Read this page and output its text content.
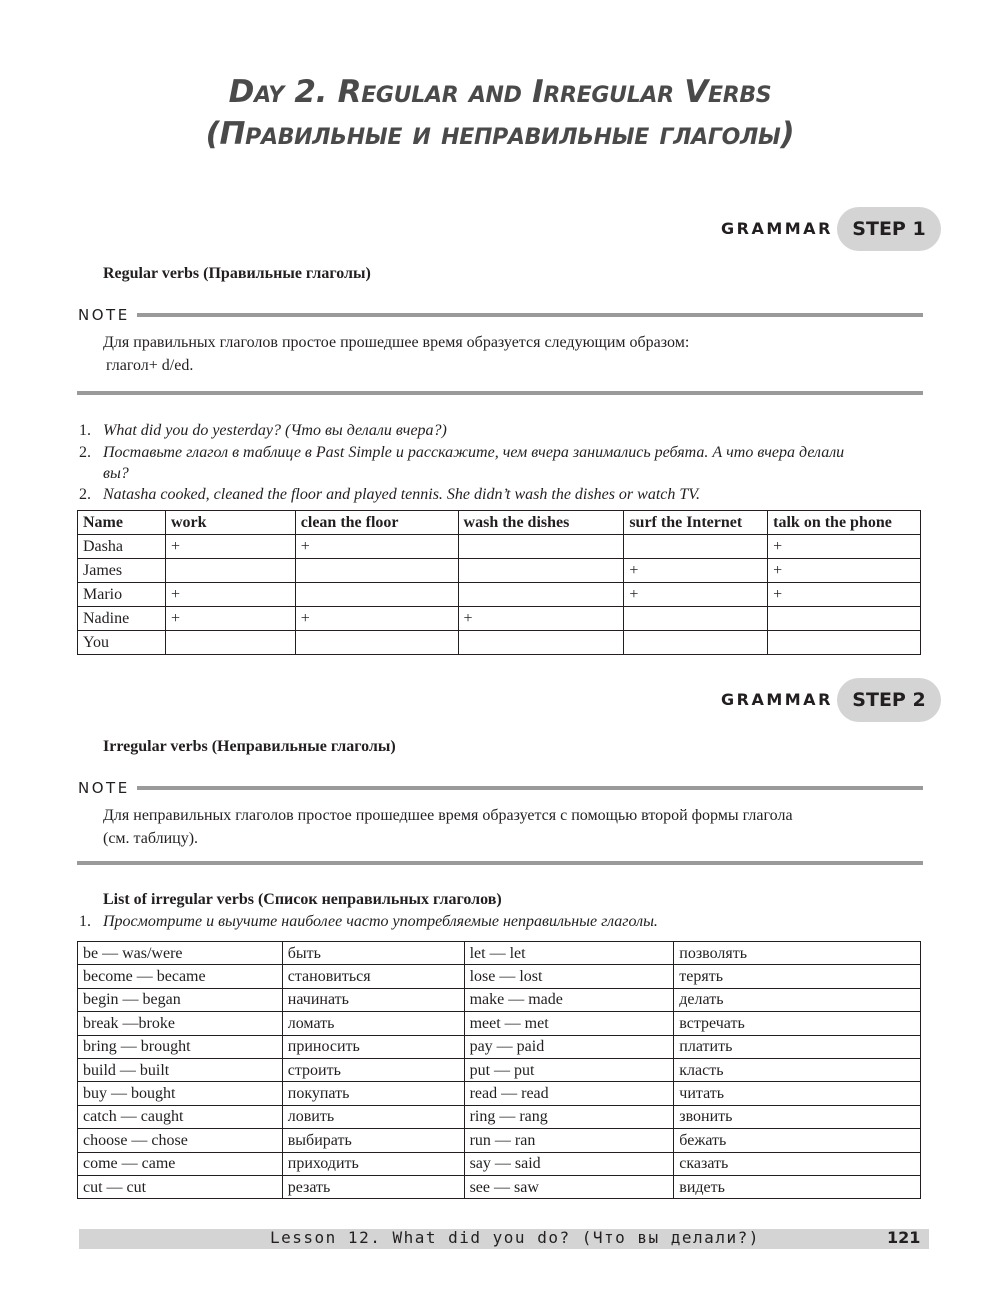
Day 2. Regular and Irregular Verbs
(Правильные и неправильные глаголы)
GRAMMAR	STEP 1
Regular verbs (Правильные глаголы)
NOTE
Для правильных глаголов простое прошедшее время образуется следующим образом:
глагол+ d/ed.
1. What did you do yesterday? (Что вы делали вчера?)
2. Поставьте глагол в таблице в Past Simple и расскажите, чем вчера занимались ребята. А что вчера делали
вы?
2. Natasha cooked, cleaned the floor and played tennis. She didn’t wash the dishes or watch TV.
Name	work	clean the floor	wash the dishes	surf the Internet	talk on the phone
Dasha	+	+			+
James				+	+
Mario	+			+	+
Nadine	+	+	+		
You					
GRAMMAR	STEP 2
Irregular verbs (Неправильные глаголы)
NOTE
Для неправильных глаголов простое прошедшее время образуется с помощью второй формы глагола
(см. таблицу).
List of irregular verbs (Список неправильных глаголов)
1. Просмотрите и выучите наиболее часто употребляемые неправильные глаголы.
be — was/were	быть	let — let	позволять
become — became	становиться	lose — lost	терять
begin — began	начинать	make — made	делать
break —broke	ломать	meet — met	встречать
bring — brought	приносить	pay — paid	платить
build — built	строить	put — put	класть
buy — bought	покупать	read — read	читать
catch — caught	ловить	ring — rang	звонить
choose — chose	выбирать	run — ran	бежать
come — came	приходить	say — said	сказать
cut — cut	резать	see — saw	видеть
Lesson 12. What did you do? (Что вы делали?)	121
